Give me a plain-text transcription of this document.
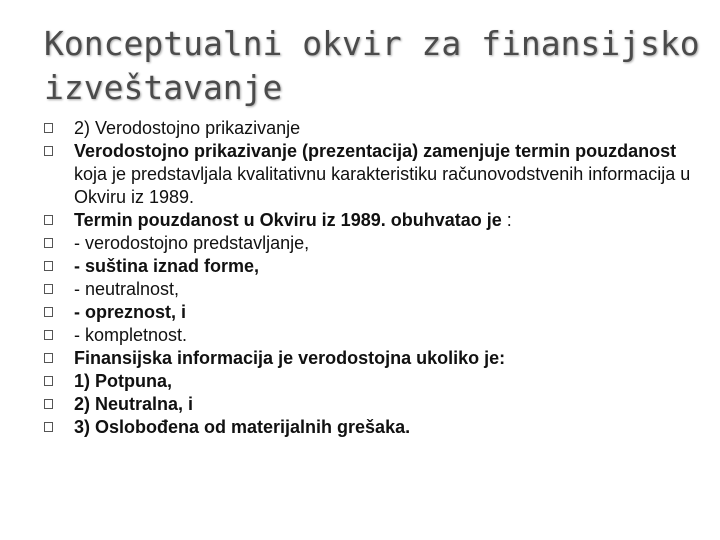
Konceptualni okvir za finansijsko izveštavanje
2) Verodostojno prikazivanje
Verodostojno prikazivanje (prezentacija) zamenjuje termin pouzdanost koja je predstavljala kvalitativnu karakteristiku računovodstvenih informacija u Okviru iz 1989.
Termin pouzdanost u Okviru iz 1989. obuhvatao je :
- verodostojno predstavljanje,
- suština iznad forme,
- neutralnost,
- opreznost, i
- kompletnost.
Finansijska informacija je verodostojna ukoliko je:
1) Potpuna,
2) Neutralna, i
3) Oslobođena od materijalnih grešaka.
